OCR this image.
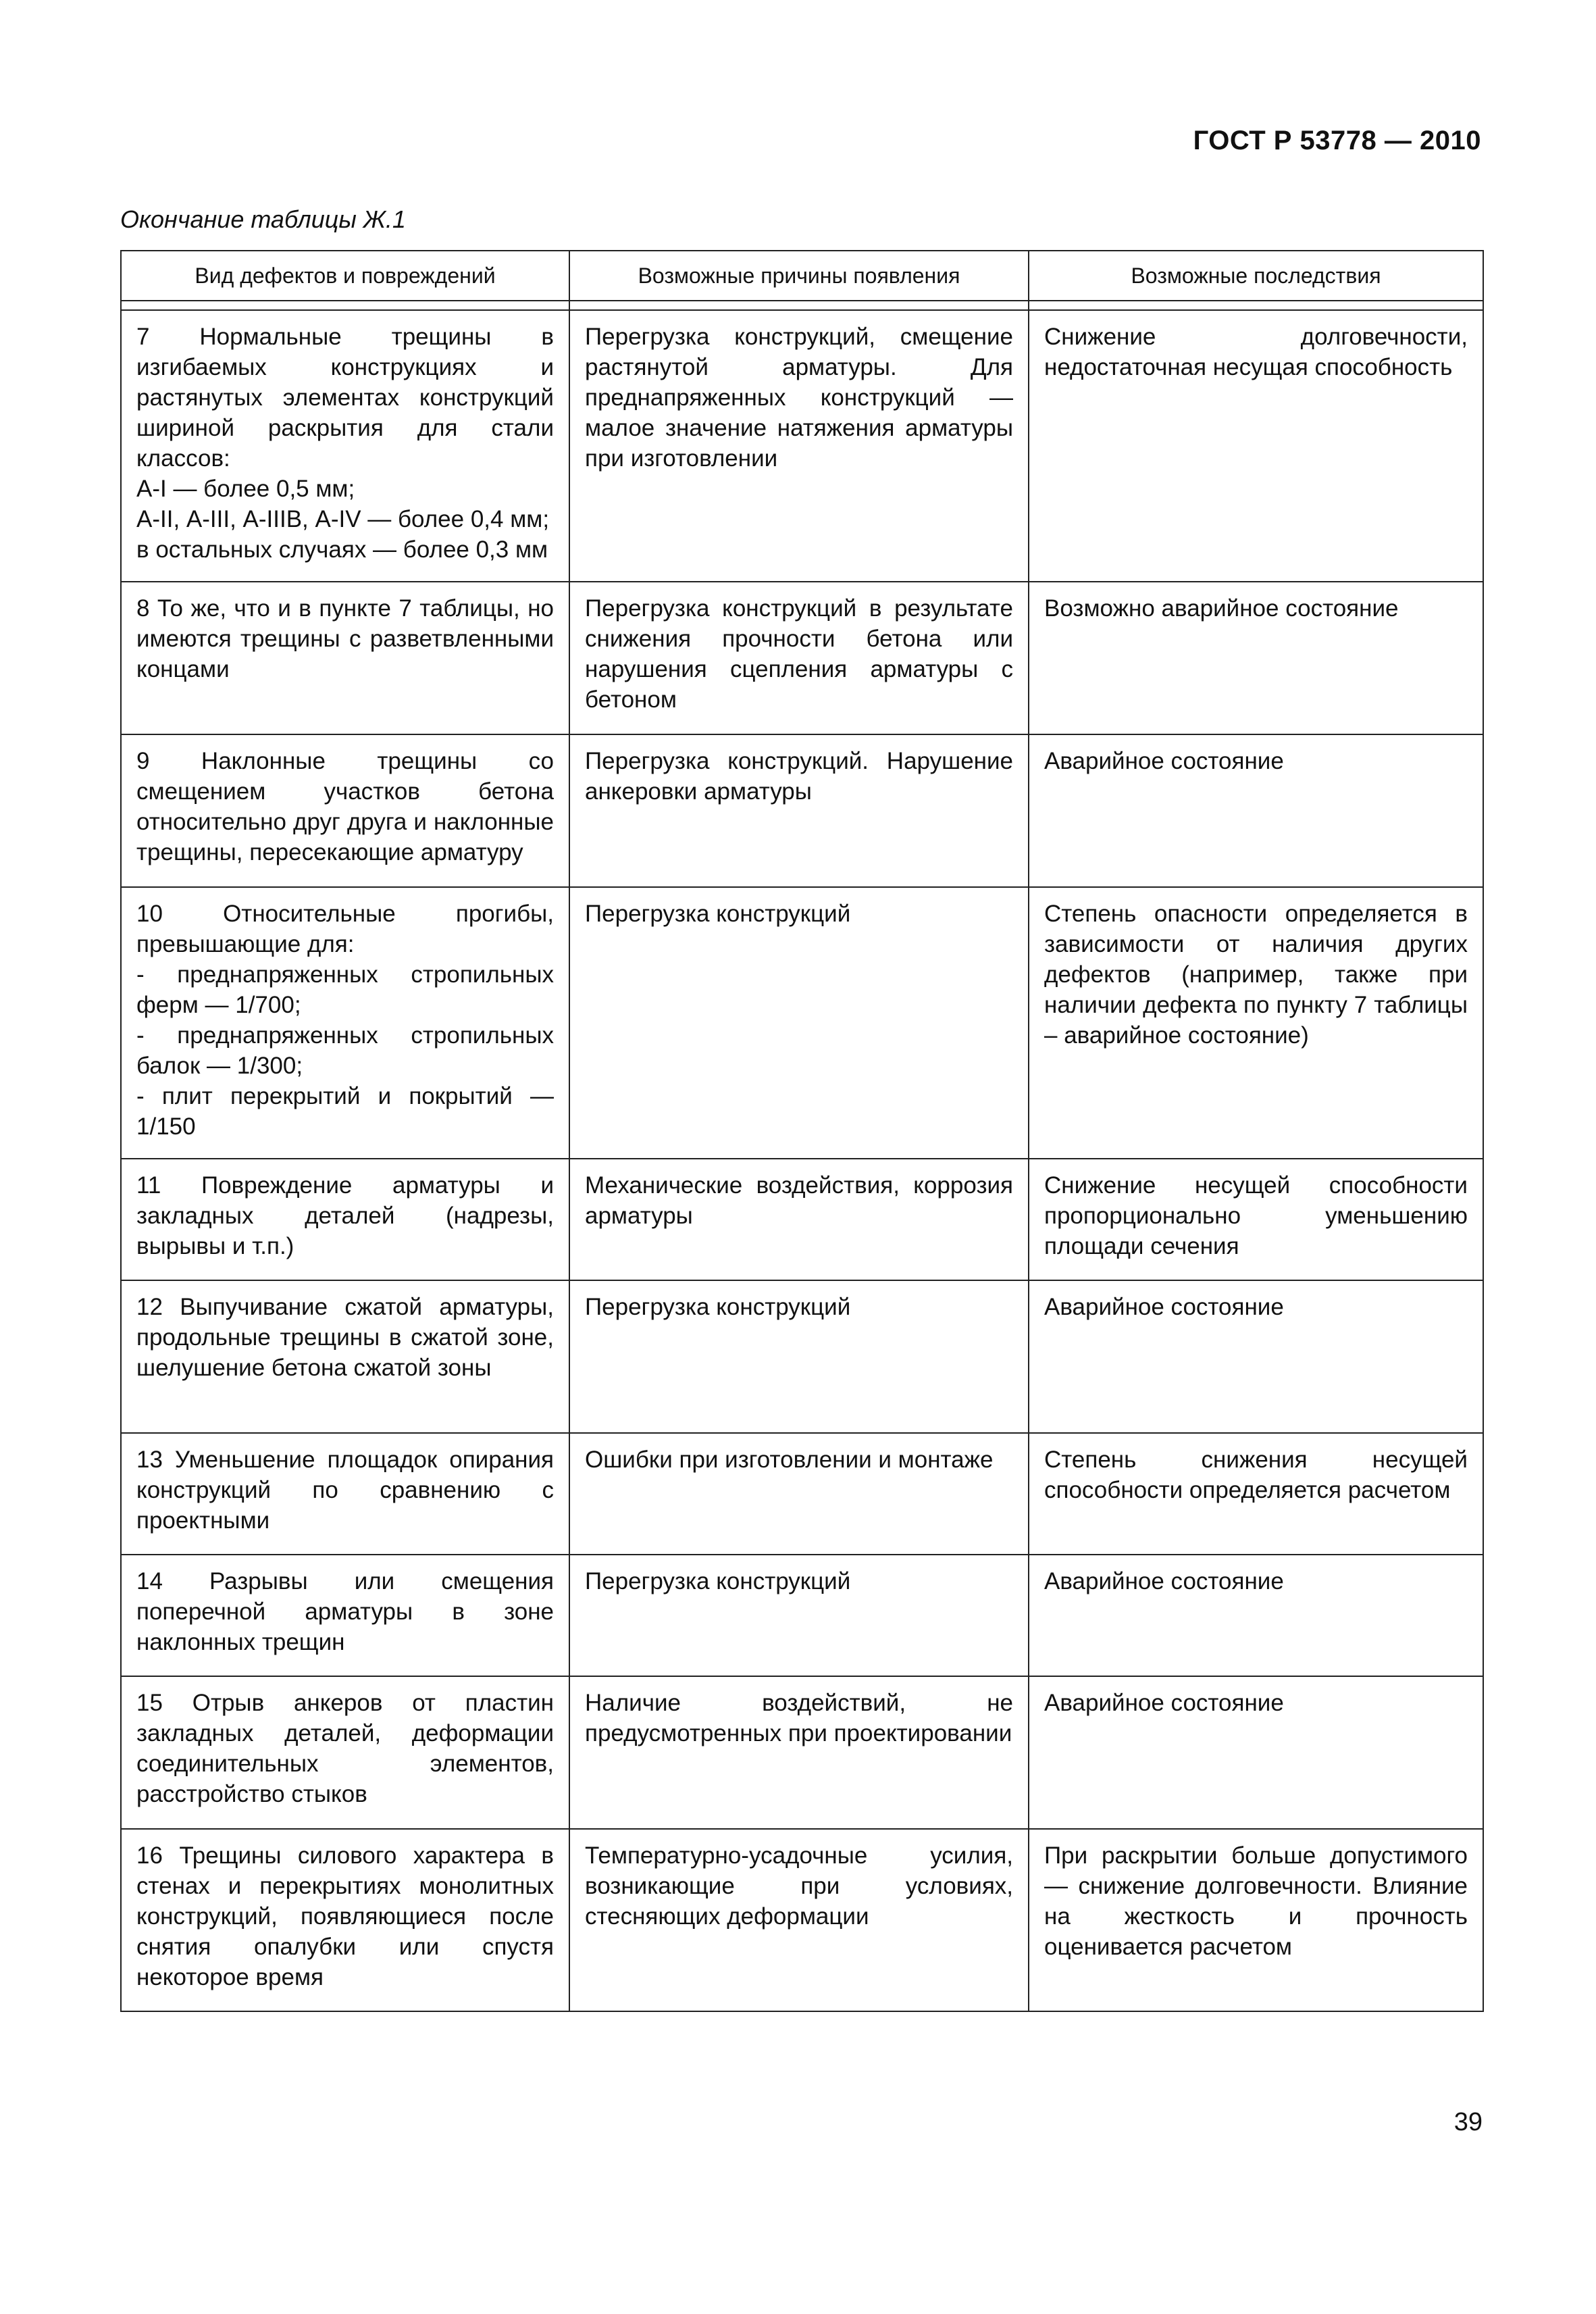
ГОСТ Р 53778 — 2010
Окончание таблицы Ж.1
Вид дефектов и повреждений	Возможные причины появления	Возможные последствия

7 Нормальные трещины в изгибаемых конструкциях и растянутых элементах конструкций шириной раскрытия для стали классов:
А-I — более 0,5 мм;
А-II, А-III, А-IIIВ, А-IV — более 0,4 мм;
в остальных случаях — более 0,3 мм	Перегрузка конструкций, смещение растянутой арматуры. Для преднапряженных конструкций — малое значение натяжения арматуры при изготовлении	Снижение долговечности, недостаточная несущая способность
8 То же, что и в пункте 7 таблицы, но имеются трещины с разветвленными концами	Перегрузка конструкций в результате снижения прочности бетона или нарушения сцепления арматуры с бетоном	Возможно аварийное состояние
9 Наклонные трещины со смещением участков бетона относительно друг друга и наклонные трещины, пересекающие арматуру	Перегрузка конструкций. Нарушение анкеровки арматуры	Аварийное состояние
10 Относительные прогибы, превышающие для:
- преднапряженных стропильных ферм — 1/700;
- преднапряженных стропильных балок — 1/300;
- плит перекрытий и покрытий — 1/150	Перегрузка конструкций	Степень опасности определяется в зависимости от наличия других дефектов (например, также при наличии дефекта по пункту 7 таблицы – аварийное состояние)
11 Повреждение арматуры и закладных деталей (надрезы, вырывы и т.п.)	Механические воздействия, коррозия арматуры	Снижение несущей способности пропорционально уменьшению площади сечения
12 Выпучивание сжатой арматуры, продольные трещины в сжатой зоне, шелушение бетона сжатой зоны	Перегрузка конструкций	Аварийное состояние
13 Уменьшение площадок опирания конструкций по сравнению с проектными	Ошибки при изготовлении и монтаже	Степень снижения несущей способности определяется расчетом
14 Разрывы или смещения поперечной арматуры в зоне наклонных трещин	Перегрузка конструкций	Аварийное состояние
15 Отрыв анкеров от пластин закладных деталей, деформации соединительных элементов, расстройство стыков	Наличие воздействий, не предусмотренных при проектировании	Аварийное состояние
16 Трещины силового характера в стенах и перекрытиях монолитных конструкций, появляющиеся после снятия опалубки или спустя некоторое время	Температурно-усадочные усилия, возникающие при условиях, стесняющих деформации	При раскрытии больше допустимого — снижение долговечности. Влияние на жесткость и прочность оценивается расчетом
39
